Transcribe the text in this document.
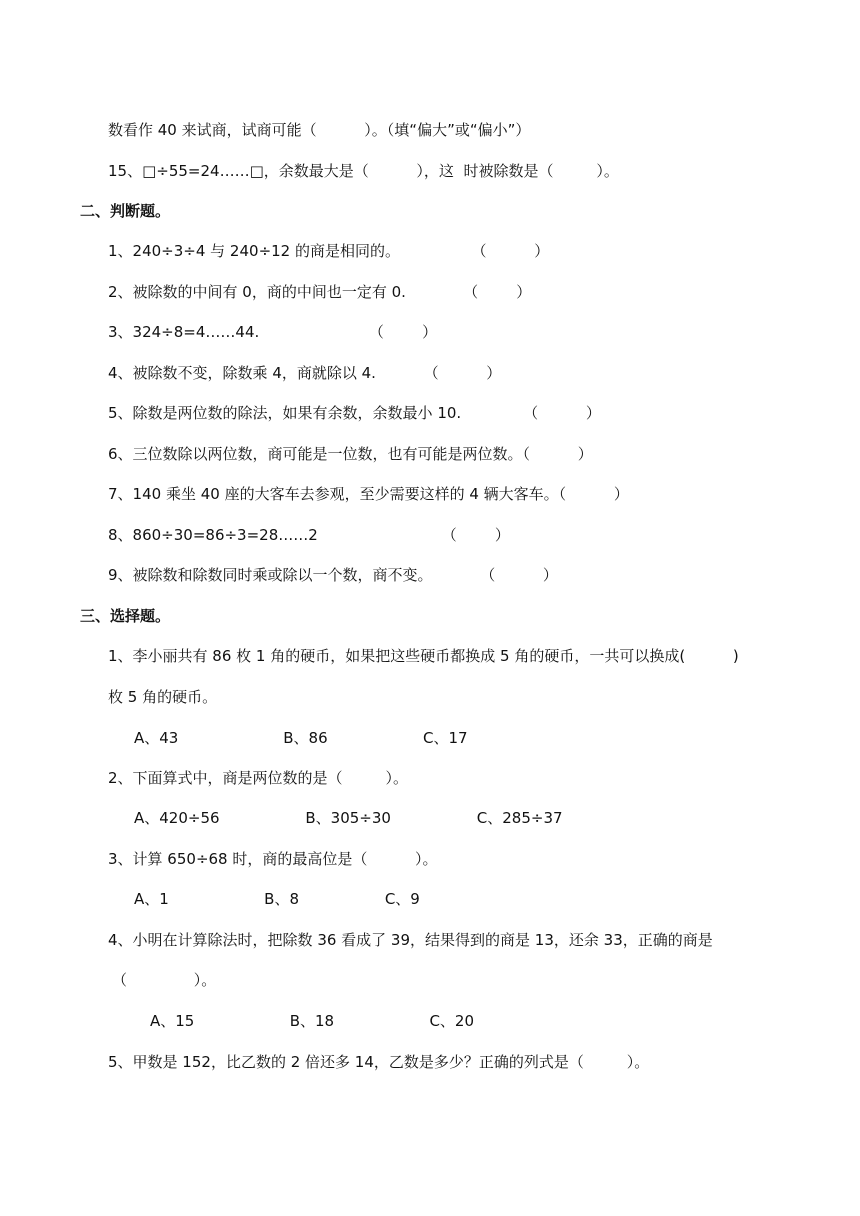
数看作 40 来试商，试商可能（          ）。（填“偏大”或“偏小”）
15、□÷55=24……□，余数最大是（          ），这  时被除数是（         ）。
二、判断题。
1、240÷3÷4 与 240÷12 的商是相同的。               （          ）
2、被除数的中间有 0，商的中间也一定有 0.            （        ）
3、324÷8=4……44.                       （        ）
4、被除数不变，除数乘 4，商就除以 4.          （          ）
5、除数是两位数的除法，如果有余数，余数最小 10.             （          ）
6、三位数除以两位数，商可能是一位数，也有可能是两位数。（          ）
7、140 乘坐 40 座的大客车去参观，至少需要这样的 4 辆大客车。（          ）
8、860÷30=86÷3=28……2                          （        ）
9、被除数和除数同时乘或除以一个数，商不变。          （          ）
三、选择题。
1、李小丽共有 86 枚 1 角的硬币，如果把这些硬币都换成 5 角的硬币，一共可以换成(          )
枚 5 角的硬币。
A、43                      B、86                    C、17
2、下面算式中，商是两位数的是（         ）。
A、420÷56                  B、305÷30                  C、285÷37
3、计算 650÷68 时，商的最高位是（          ）。
A、1                    B、8                  C、9
4、小明在计算除法时，把除数 36 看成了 39，结果得到的商是 13，还余 33，正确的商是
（              ）。
A、15                    B、18                    C、20
5、甲数是 152，比乙数的 2 倍还多 14，乙数是多少？正确的列式是（         ）。
